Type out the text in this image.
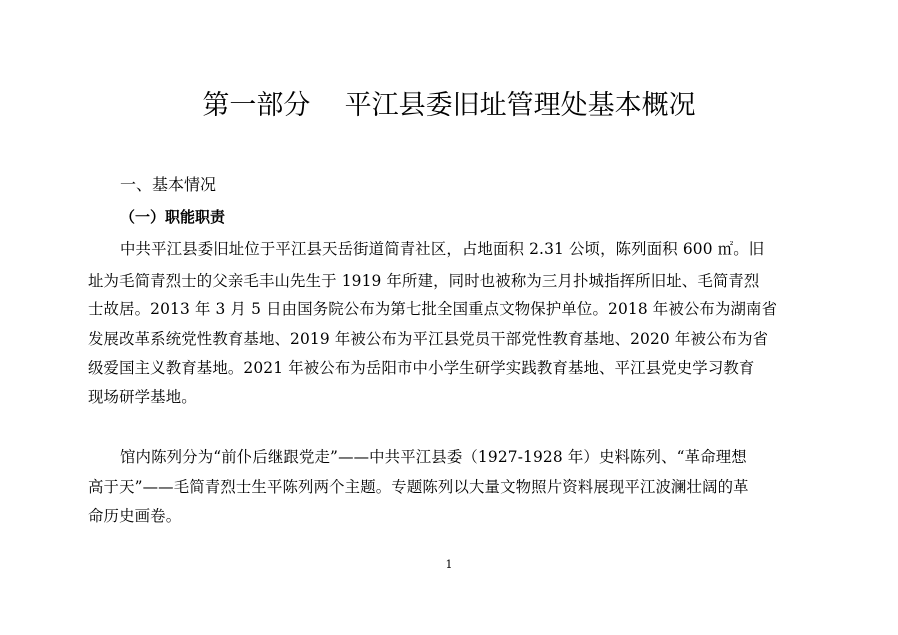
第一部分    平江县委旧址管理处基本概况
一、基本情况
（一）职能职责
中共平江县委旧址位于平江县天岳街道简青社区，占地面积 2.31 公顷，陈列面积 600 ㎡。旧
址为毛简青烈士的父亲毛丰山先生于 1919 年所建，同时也被称为三月扑城指挥所旧址、毛简青烈
士故居。2013 年 3 月 5 日由国务院公布为第七批全国重点文物保护单位。2018 年被公布为湖南省
发展改革系统党性教育基地、2019 年被公布为平江县党员干部党性教育基地、2020 年被公布为省
级爱国主义教育基地。2021 年被公布为岳阳市中小学生研学实践教育基地、平江县党史学习教育
现场研学基地。
馆内陈列分为“前仆后继跟党走”——中共平江县委（1927-1928 年）史料陈列、“革命理想
高于天”——毛简青烈士生平陈列两个主题。专题陈列以大量文物照片资料展现平江波澜壮阔的革
命历史画卷。
1
